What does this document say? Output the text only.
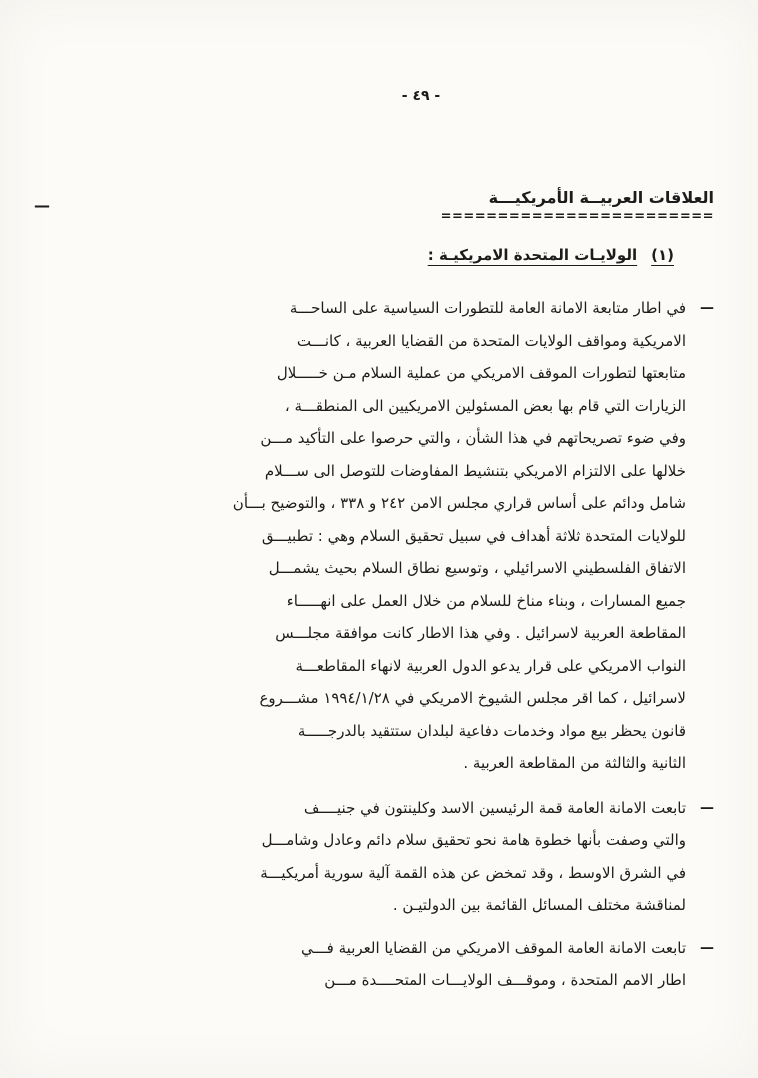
- ٤٩ -
—	العلاقات العربيــة الأمريكيـــة
========================
(١)الولايـات المتحدة الامريكيـة :
—
في اطار متابعة الامانة العامة للتطورات السياسية على الساحـــة
الامريكية ومواقف الولايات المتحدة من القضايا العربية ، كانـــت
متابعتها لتطورات الموقف الامريكي من عملية السلام مـن خـــــلال
الزيارات التي قام بها بعض المسئولين الامريكيين الى المنطقـــة ،
وفي ضوء تصريحاتهم في هذا الشأن ، والتي حرصوا على التأكيد مـــن
خلالها على الالتزام الامريكي بتنشيط المفاوضات للتوصل الى ســـلام
شامل ودائم على أساس قراري مجلس الامن ٢٤٢ و ٣٣٨ ، والتوضيح بـــأن
للولايات المتحدة ثلاثة أهداف في سبيل تحقيق السلام وهي : تطبيـــق
الاتفاق الفلسطيني الاسرائيلي ، وتوسيع نطاق السلام بحيث يشمـــل
جميع المسارات ، وبناء مناخ للسلام من خلال العمل على انهـــــاء
المقاطعة العربية لاسرائيل . وفي هذا الاطار كانت موافقة مجلـــس
النواب الامريكي على قرار يدعو الدول العربية لانهاء المقاطعـــة
لاسرائيل ، كما اقر مجلس الشيوخ الامريكي في ١٩٩٤/١/٢٨ مشـــروع
قانون يحظر بيع مواد وخدمات دفاعية لبلدان ستتقيد بالدرجـــــة
الثانية والثالثة من المقاطعة العربية .
—
تابعت الامانة العامة قمة الرئيسين الاسد وكلينتون في جنيــــف
والتي وصفت بأنها خطوة هامة نحو تحقيق سلام دائم وعادل وشامـــل
في الشرق الاوسط ، وقد تمخض عن هذه القمة آلية سورية أمريكيـــة
لمناقشة مختلف المسائل القائمة بين الدولتيـن .
—
تابعت الامانة العامة الموقف الامريكي من القضايا العربية فـــي
اطار الامم المتحدة ، وموقـــف الولايـــات المتحــــدة مـــن
